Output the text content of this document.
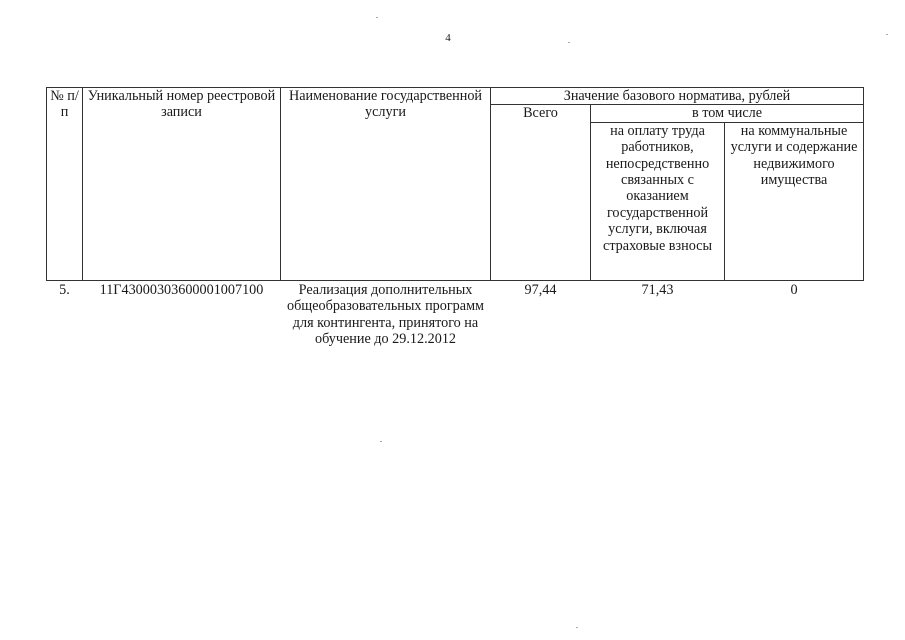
4
№ п/п	Уникальный номер реестровой записи	Наименование государственной услуги	Значение базового норматива, рублей		
			Всего	в том числе	
				на оплату труда работников, непосредственно связанных с оказанием государственной услуги, включая страховые взносы	на коммунальные услуги и содержание недвижимого имущества
5.	11Г43000303600001007100	Реализация дополнительных общеобразовательных программ для контингента, принятого на обучение до 29.12.2012	97,44	71,43	0
